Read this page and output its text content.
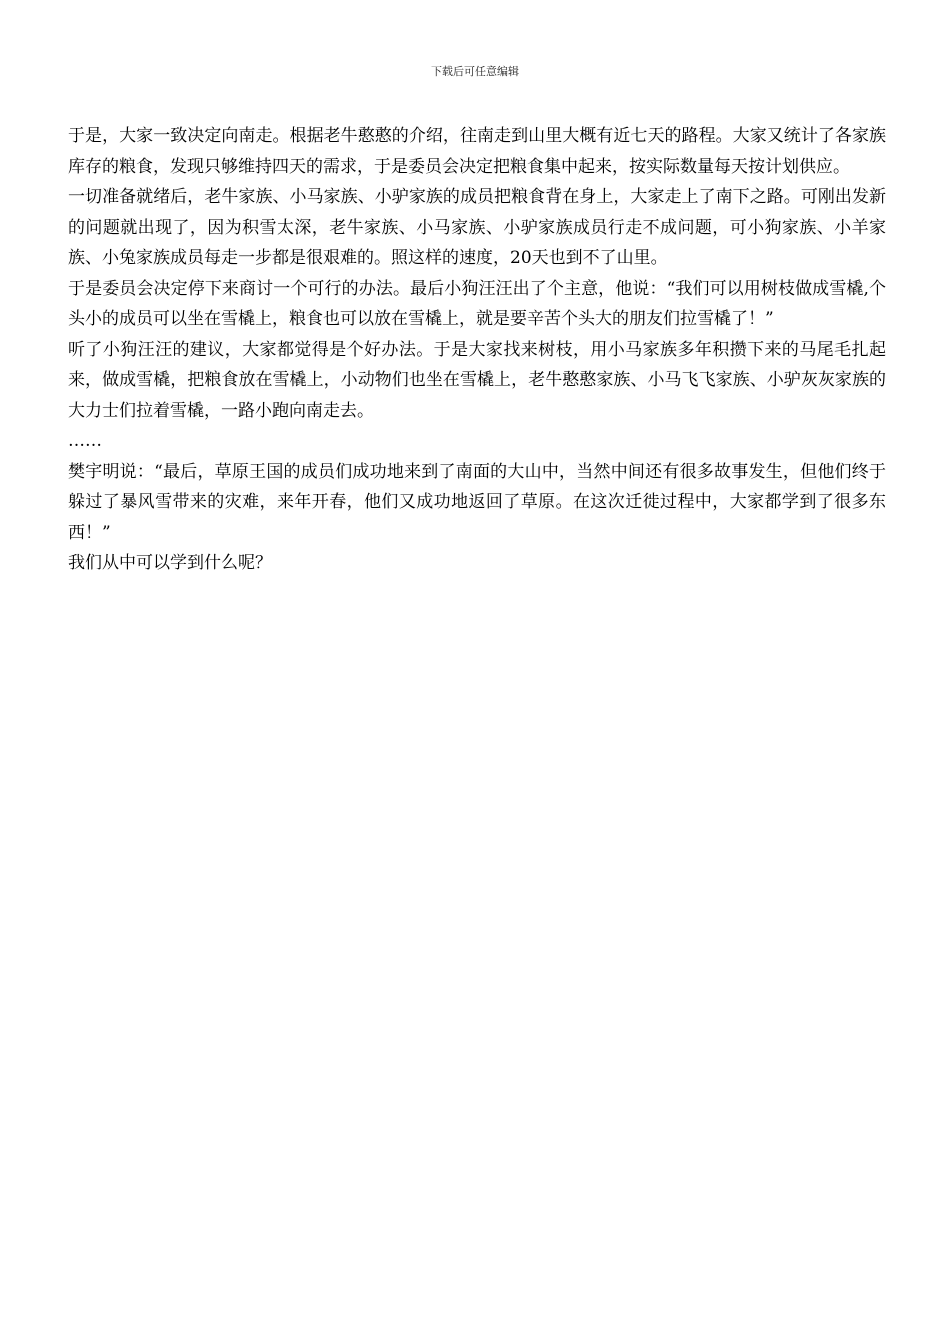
下载后可任意编辑

于是，大家一致决定向南走。根据老牛憨憨的介绍，往南走到山里大概有近七天的路程。大家又统计了各家族库存的粮食，发现只够维持四天的需求，于是委员会决定把粮食集中起来，按实际数量每天按计划供应。

一切准备就绪后，老牛家族、小马家族、小驴家族的成员把粮食背在身上，大家走上了南下之路。可刚出发新的问题就出现了，因为积雪太深，老牛家族、小马家族、小驴家族成员行走不成问题，可小狗家族、小羊家族、小兔家族成员每走一步都是很艰难的。照这样的速度，20天也到不了山里。

于是委员会决定停下来商讨一个可行的办法。最后小狗汪汪出了个主意，他说：“我们可以用树枝做成雪橇,个头小的成员可以坐在雪橇上，粮食也可以放在雪橇上，就是要辛苦个头大的朋友们拉雪橇了！”

听了小狗汪汪的建议，大家都觉得是个好办法。于是大家找来树枝，用小马家族多年积攒下来的马尾毛扎起来，做成雪橇，把粮食放在雪橇上，小动物们也坐在雪橇上，老牛憨憨家族、小马飞飞家族、小驴灰灰家族的大力士们拉着雪橇，一路小跑向南走去。

……

樊宇明说：“最后，草原王国的成员们成功地来到了南面的大山中，当然中间还有很多故事发生，但他们终于躲过了暴风雪带来的灾难，来年开春，他们又成功地返回了草原。在这次迁徙过程中，大家都学到了很多东西！”

我们从中可以学到什么呢？
